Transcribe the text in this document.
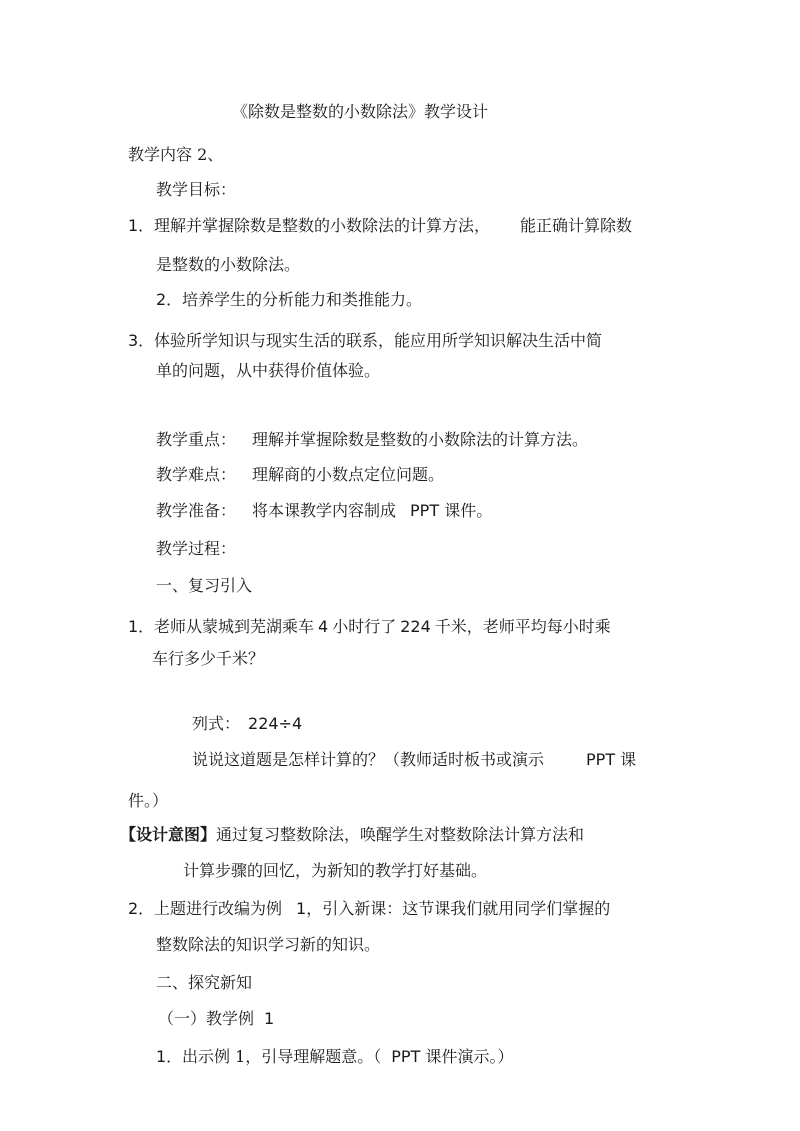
《除数是整数的小数除法》教学设计
教学内容 2、
教学目标：
1．理解并掌握除数是整数的小数除法的计算方法， 能正确计算除数
是整数的小数除法。
2．培养学生的分析能力和类推能力。
3．体验所学知识与现实生活的联系，能应用所学知识解决生活中简
单的问题，从中获得价值体验。
教学重点： 理解并掌握除数是整数的小数除法的计算方法。
教学难点： 理解商的小数点定位问题。
教学准备： 将本课教学内容制成 PPT 课件。
教学过程：
一、复习引入
1．老师从蒙城到芜湖乘车 4 小时行了 224 千米，老师平均每小时乘
车行多少千米？
列式： 224÷4
说说这道题是怎样计算的？（教师适时板书或演示	PPT 课
件。）
【设计意图】通过复习整数除法，唤醒学生对整数除法计算方法和
计算步骤的回忆，为新知的教学打好基础。
2．上题进行改编为例 1，引入新课：这节课我们就用同学们掌握的
整数除法的知识学习新的知识。
二、探究新知
（一）教学例 1
1．出示例 1，引导理解题意。（ PPT 课件演示。）
